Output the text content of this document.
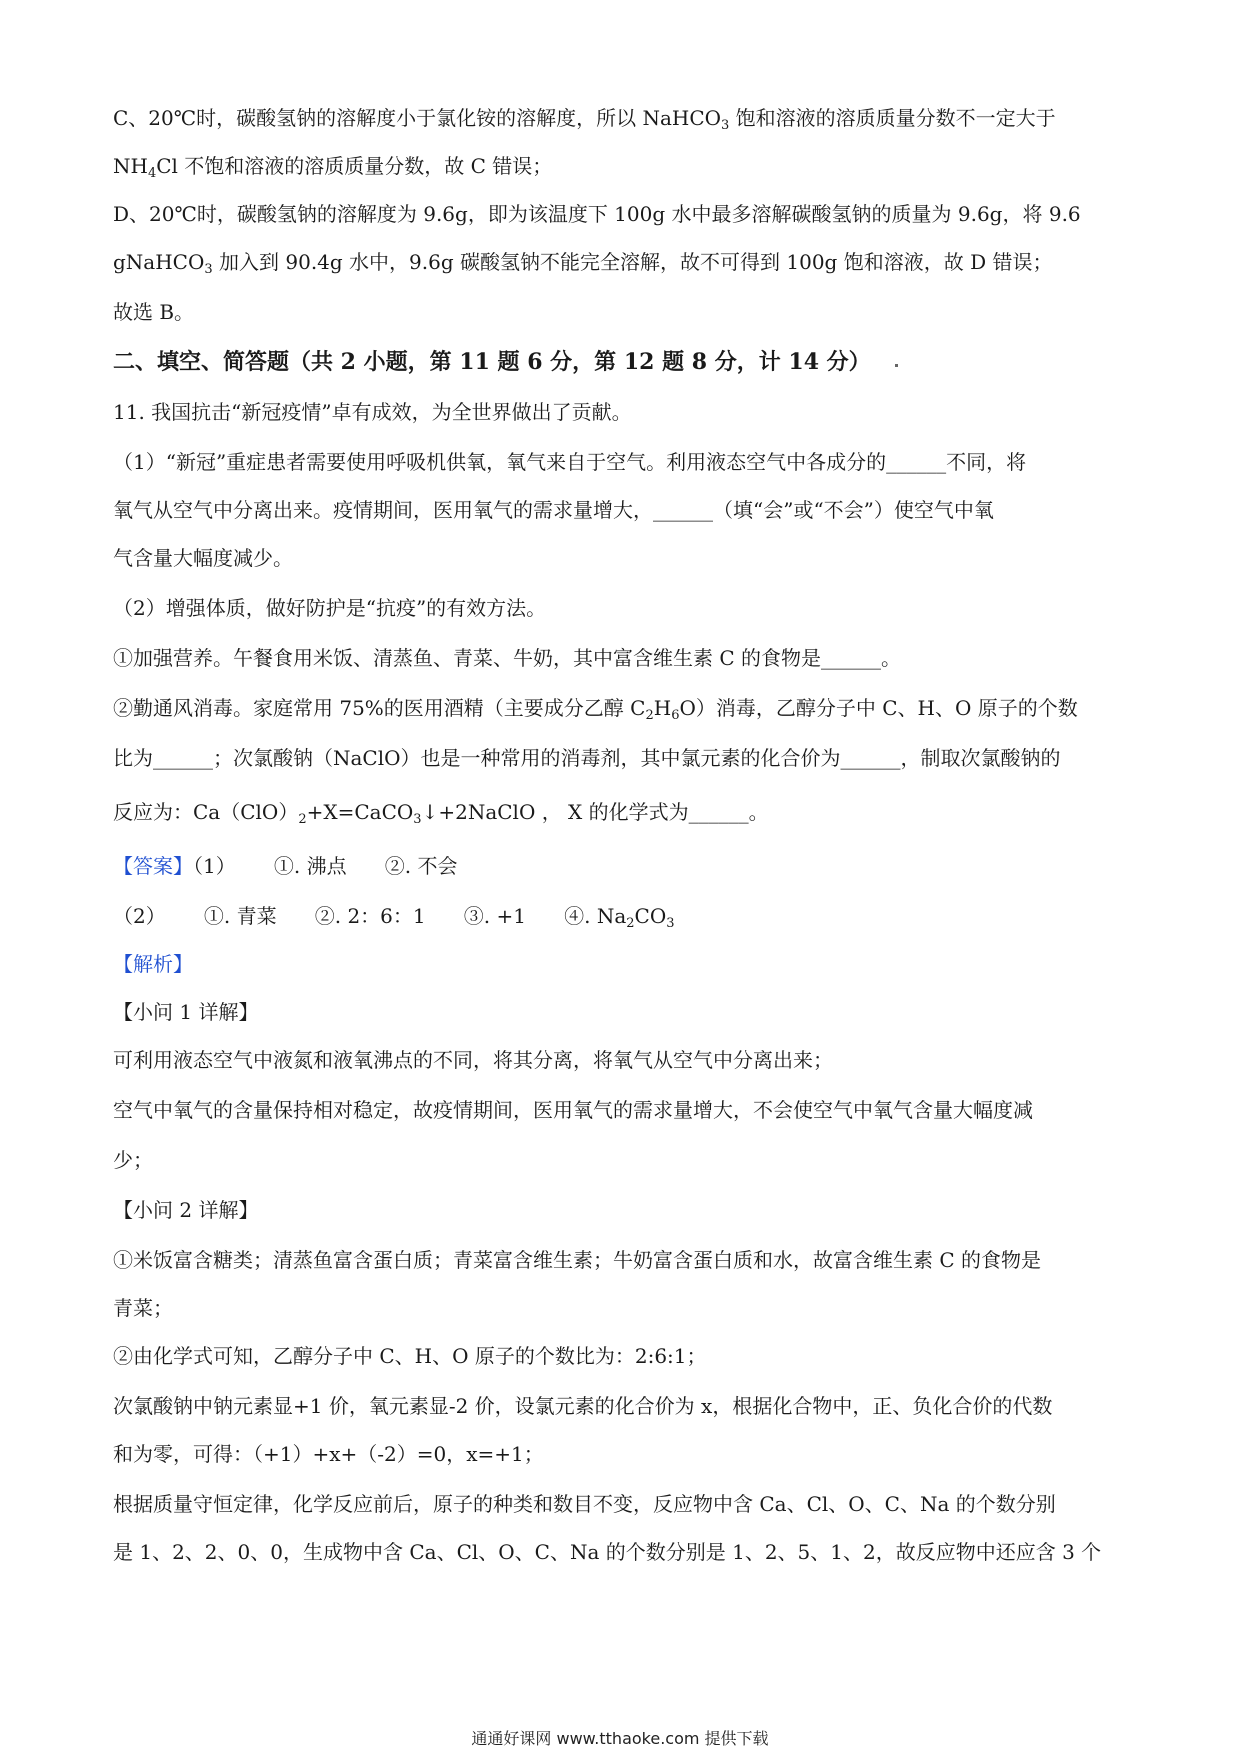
C、20℃时，碳酸氢钠的溶解度小于氯化铵的溶解度，所以 NaHCO$_3$ 饱和溶液的溶质质量分数不一定大于
$NH_4Cl$ 不饱和溶液的溶质质量分数，故 C 错误；
D、20℃时，碳酸氢钠的溶解度为 9.6g，即为该温度下 100g 水中最多溶解碳酸氢钠的质量为 9.6g，将 9.6
gNaHCO$_3$ 加入到 90.4g 水中，9.6g 碳酸氢钠不能完全溶解，故不可得到 100g 饱和溶液，故 D 错误；
故选 B。
二、填空、简答题（共 2 小题，第 11 题 6 分，第 12 题 8 分，计 14 分）
11. 我国抗击“新冠疫情”卓有成效，为全世界做出了贡献。
（1）“新冠”重症患者需要使用呼吸机供氧，氧气来自于空气。利用液态空气中各成分的______不同，将
氧气从空气中分离出来。疫情期间，医用氧气的需求量增大，______（填“会”或“不会”）使空气中氧
气含量大幅度减少。
（2）增强体质，做好防护是“抗疫”的有效方法。
①加强营养。午餐食用米饭、清蒸鱼、青菜、牛奶，其中富含维生素 C 的食物是______。
②勤通风消毒。家庭常用 75%的医用酒精（主要成分乙醇 $C_2H_6O$）消毒，乙醇分子中 C、H、O 原子的个数
比为______；次氯酸钠（NaClO）也是一种常用的消毒剂，其中氯元素的化合价为______，制取次氯酸钠的
反应为：$Ca(ClO)_2+X=CaCO_3↓+2NaClO$ ， X 的化学式为______。
【答案】（1）      ①. 沸点      ②. 不会
（2）      ①. 青菜      ②. 2：6：1      ③. +1      ④. $Na_2CO_3$
【解析】
【小问 1 详解】
可利用液态空气中液氮和液氧沸点的不同，将其分离，将氧气从空气中分离出来；
空气中氧气的含量保持相对稳定，故疫情期间，医用氧气的需求量增大，不会使空气中氧气含量大幅度减
少；
【小问 2 详解】
①米饭富含糖类；清蒸鱼富含蛋白质；青菜富含维生素；牛奶富含蛋白质和水，故富含维生素 C 的食物是
青菜；
②由化学式可知，乙醇分子中 C、H、O 原子的个数比为：2:6:1；
次氯酸钠中钠元素显+1 价，氧元素显-2 价，设氯元素的化合价为 x，根据化合物中，正、负化合价的代数
和为零，可得：（+1）+x+（-2）=0，x=+1；
根据质量守恒定律，化学反应前后，原子的种类和数目不变，反应物中含 Ca、Cl、O、C、Na 的个数分别
是 1、2、2、0、0，生成物中含 Ca、Cl、O、C、Na 的个数分别是 1、2、5、1、2，故反应物中还应含 3 个
通通好课网 www.tthaoke.com 提供下载
